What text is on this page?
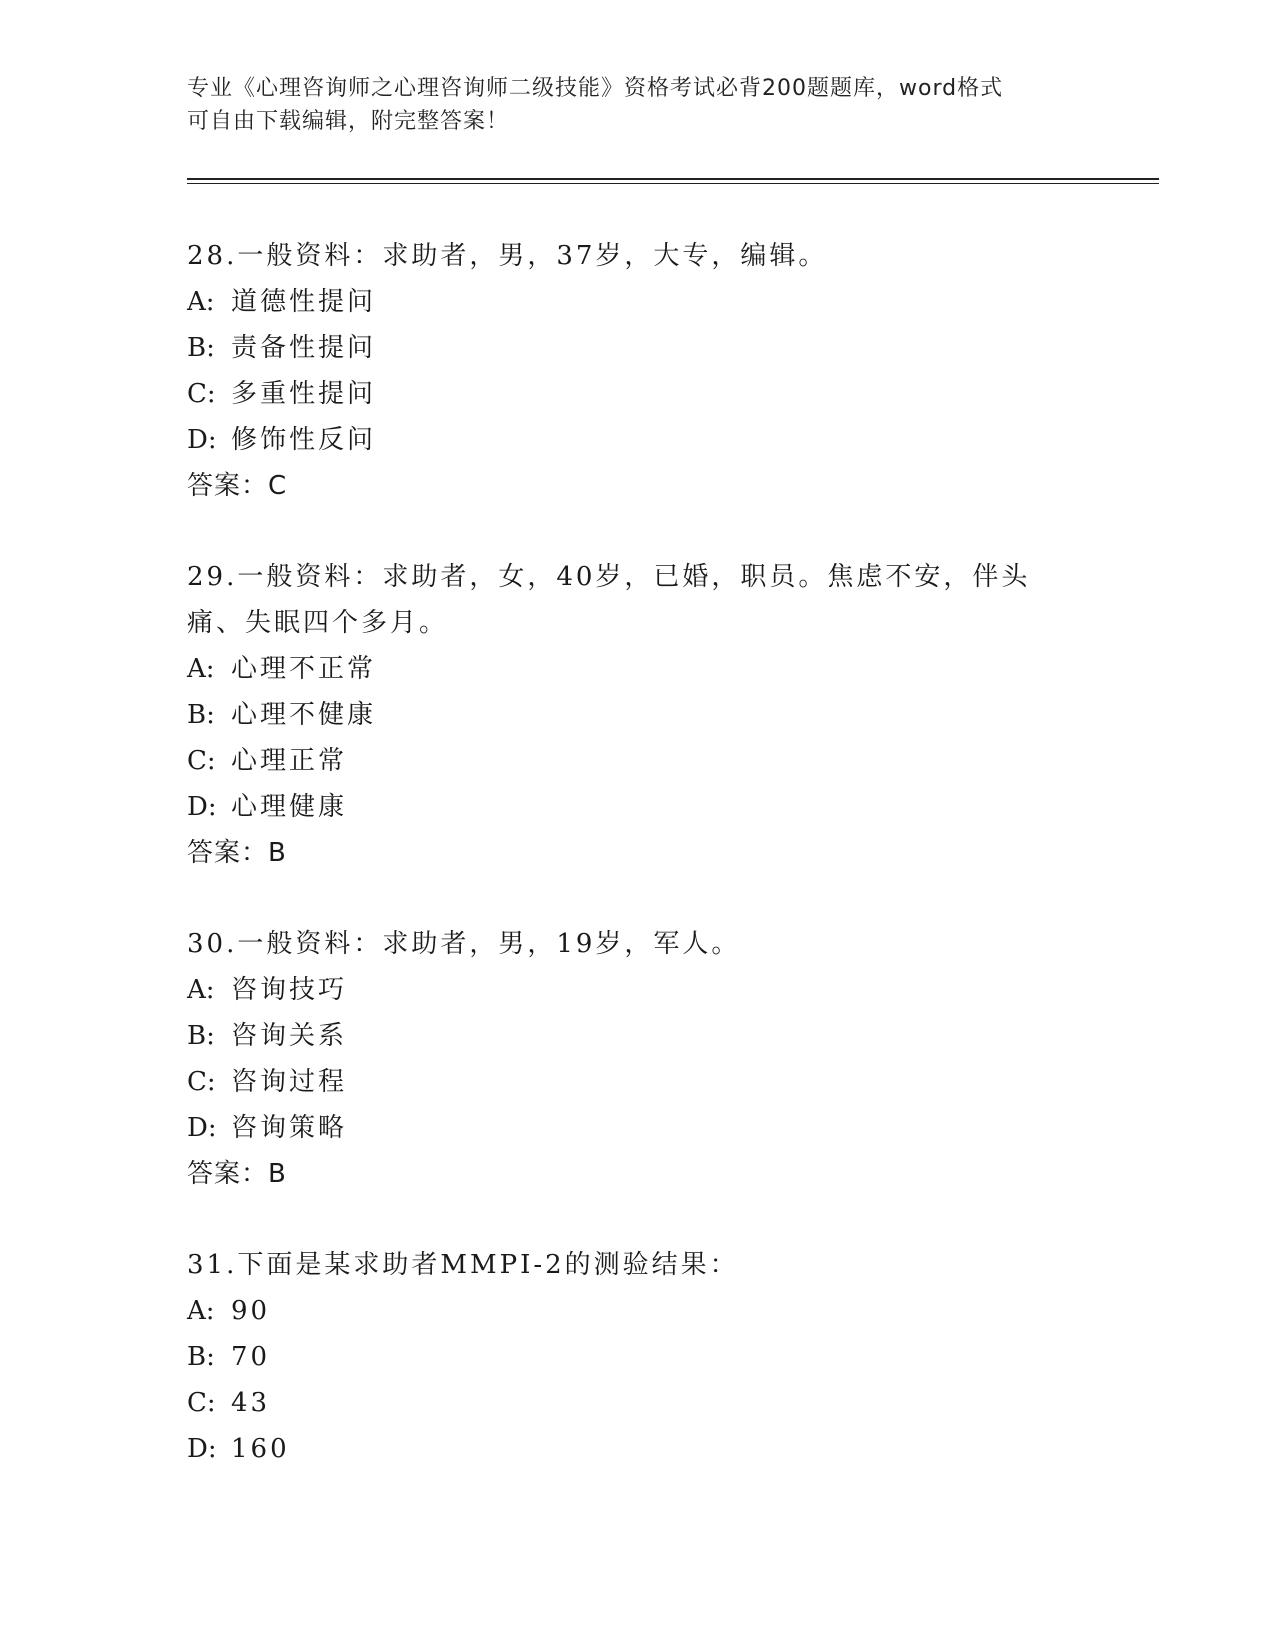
专业《心理咨询师之心理咨询师二级技能》资格考试必背200题题库，word格式
可自由下载编辑，附完整答案！
28.一般资料：求助者，男，37岁，大专，编辑。
A: 道德性提问
B: 责备性提问
C: 多重性提问
D: 修饰性反问
答案：C
29.一般资料：求助者，女，40岁，已婚，职员。焦虑不安，伴头痛、失眠四个多月。
A: 心理不正常
B: 心理不健康
C: 心理正常
D: 心理健康
答案：B
30.一般资料：求助者，男，19岁，军人。
A: 咨询技巧
B: 咨询关系
C: 咨询过程
D: 咨询策略
答案：B
31.下面是某求助者MMPI-2的测验结果：
A: 90
B: 70
C: 43
D: 160
